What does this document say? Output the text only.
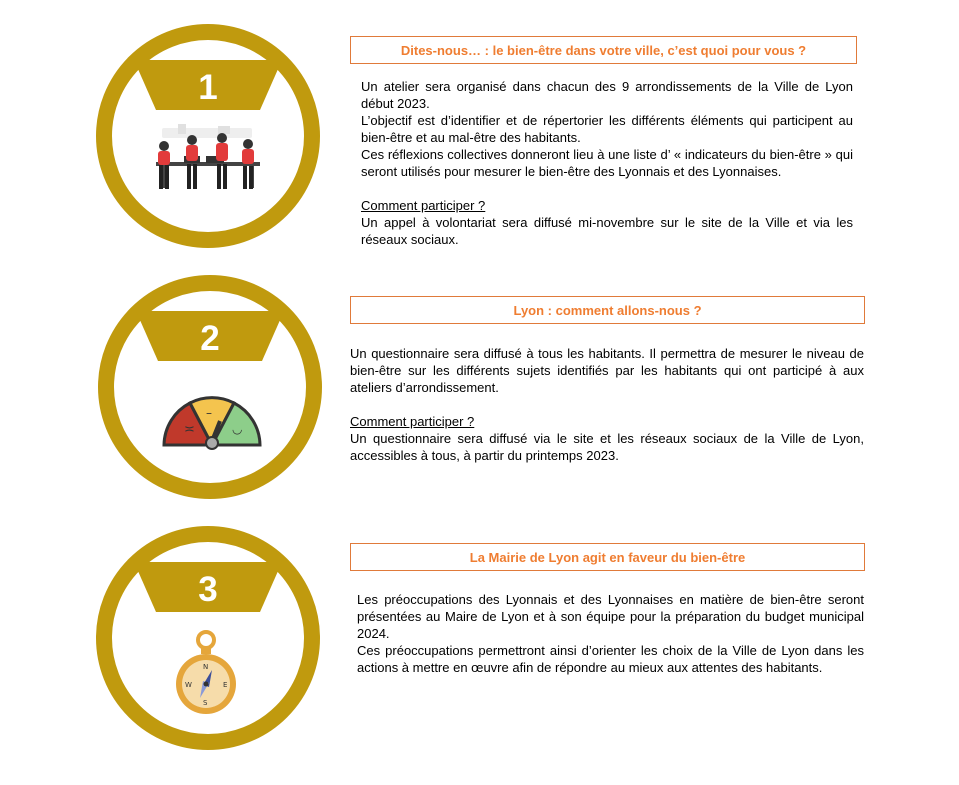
1
Dites-nous… : le bien-être dans votre ville, c’est quoi pour vous ?

Un atelier sera organisé dans chacun des 9 arrondissements de la Ville de Lyon début 2023.

L’objectif est d’identifier et de répertorier les différents éléments qui participent au bien-être et au mal-être des habitants.

Ces réflexions collectives donneront lieu à une liste d’ « indicateurs du bien-être » qui seront utilisés pour mesurer le bien-être des Lyonnais et des Lyonnaises.

Comment participer ?

Un appel à volontariat sera diffusé mi-novembre sur le site de la Ville et via les réseaux sociaux.

2
≍
–
◡
Lyon : comment allons-nous ?

Un questionnaire sera diffusé à tous les habitants. Il permettra de mesurer le niveau de bien-être sur les différents sujets identifiés par les habitants qui ont participé à aux ateliers d’arrondissement.

Comment participer ?

Un questionnaire sera diffusé via le site et les réseaux sociaux de la Ville de Lyon, accessibles à tous, à partir du printemps 2023.

3
N
S
W	E
La Mairie de Lyon agit en faveur du bien-être

Les préoccupations des Lyonnais et des Lyonnaises en matière de bien-être seront présentées au Maire de Lyon et à son équipe pour la préparation du budget municipal 2024.

Ces préoccupations permettront ainsi d’orienter les choix de la Ville de Lyon dans les actions à mettre en œuvre afin de répondre au mieux aux attentes des habitants.
